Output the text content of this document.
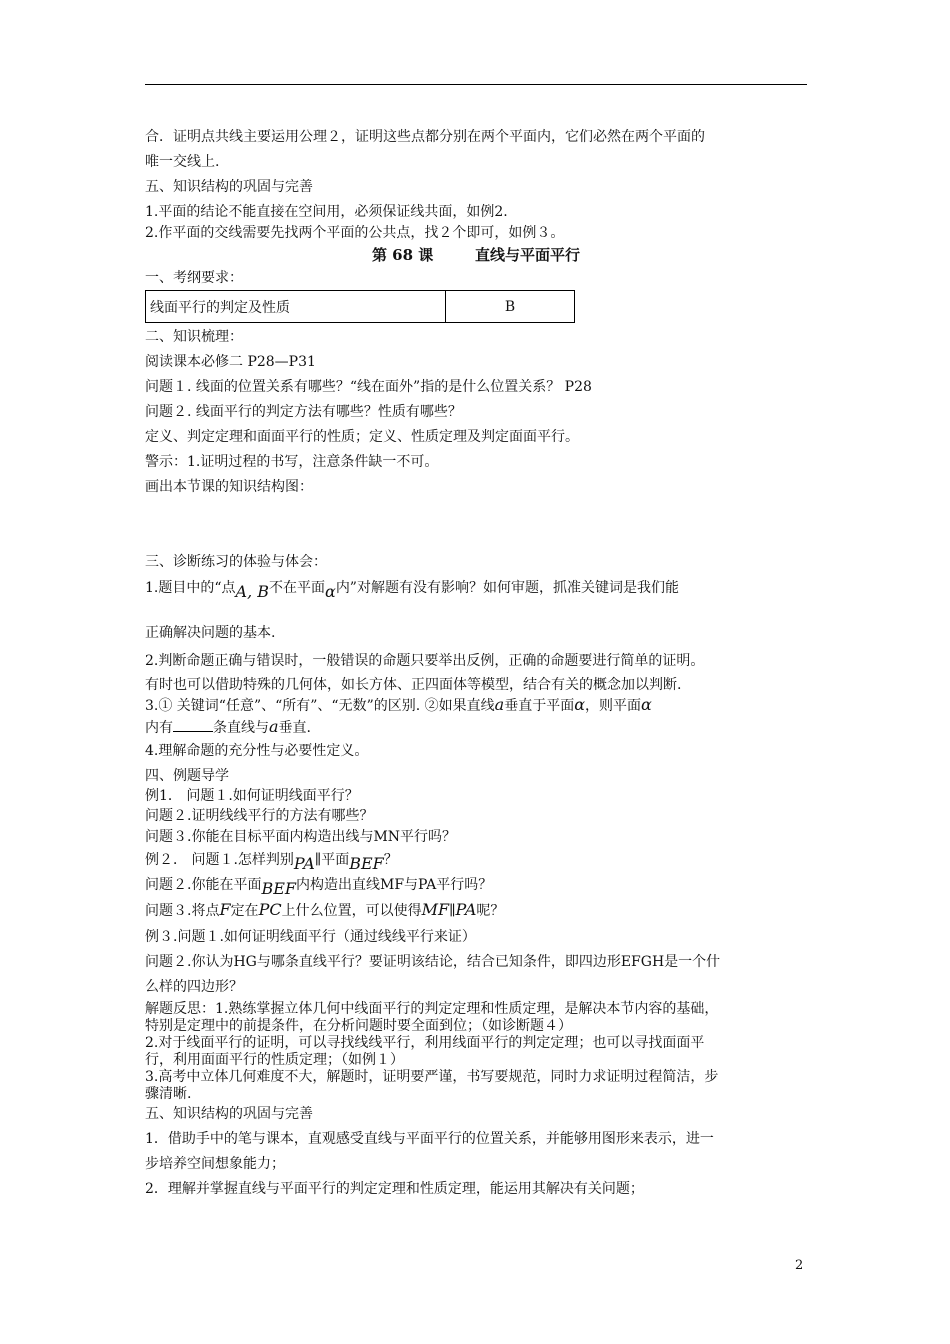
合．证明点共线主要运用公理２，证明这些点都分别在两个平面内，它们必然在两个平面的
唯一交线上.
五、知识结构的巩固与完善
1.平面的结论不能直接在空间用，必须保证线共面，如例2.
2.作平面的交线需要先找两个平面的公共点，找２个即可，如例３。
第 68 课        直线与平面平行
一、考纲要求：
线面平行的判定及性质	B
二、知识梳理：
阅读课本必修二 P28—P31
问题１. 线面的位置关系有哪些？“线在面外”指的是什么位置关系？ P28
问题２. 线面平行的判定方法有哪些？性质有哪些？
定义、判定定理和面面平行的性质；定义、性质定理及判定面面平行。
警示：1.证明过程的书写，注意条件缺一不可。
画出本节课的知识结构图：
三、诊断练习的体验与体会：
1.题目中的“点A, B不在平面α内”对解题有没有影响？如何审题，抓准关键词是我们能
正确解决问题的基本.
2.判断命题正确与错误时，一般错误的命题只要举出反例，正确的命题要进行简单的证明。
有时也可以借助特殊的几何体，如长方体、正四面体等模型，结合有关的概念加以判断.
3.① 关键词“任意”、“所有”、“无数”的区别. ②如果直线a垂直于平面α，则平面α
内有	条直线与a垂直.
4.理解命题的充分性与必要性定义。
四、例题导学
例1． 问题１.如何证明线面平行？
问题２.证明线线平行的方法有哪些？
问题３.你能在目标平面内构造出线与MN平行吗？
例２． 问题１.怎样判别PA∥平面BEF？
问题２.你能在平面BEF内构造出直线MF与PA平行吗？
问题３.将点F定在PC上什么位置，可以使得MF∥PA呢？
例３.问题１.如何证明线面平行（通过线线平行来证）
问题２.你认为HG与哪条直线平行？要证明该结论，结合已知条件，即四边形EFGH是一个什
么样的四边形？
解题反思：1.熟练掌握立体几何中线面平行的判定定理和性质定理，是解决本节内容的基础，
特别是定理中的前提条件，在分析问题时要全面到位；（如诊断题４）
2.对于线面平行的证明，可以寻找线线平行，利用线面平行的判定定理；也可以寻找面面平
行，利用面面平行的性质定理；（如例１）
3.高考中立体几何难度不大，解题时，证明要严谨，书写要规范，同时力求证明过程简洁，步
骤清晰.
五、知识结构的巩固与完善
1．借助手中的笔与课本，直观感受直线与平面平行的位置关系，并能够用图形来表示，进一
步培养空间想象能力；
2．理解并掌握直线与平面平行的判定定理和性质定理，能运用其解决有关问题；
2
